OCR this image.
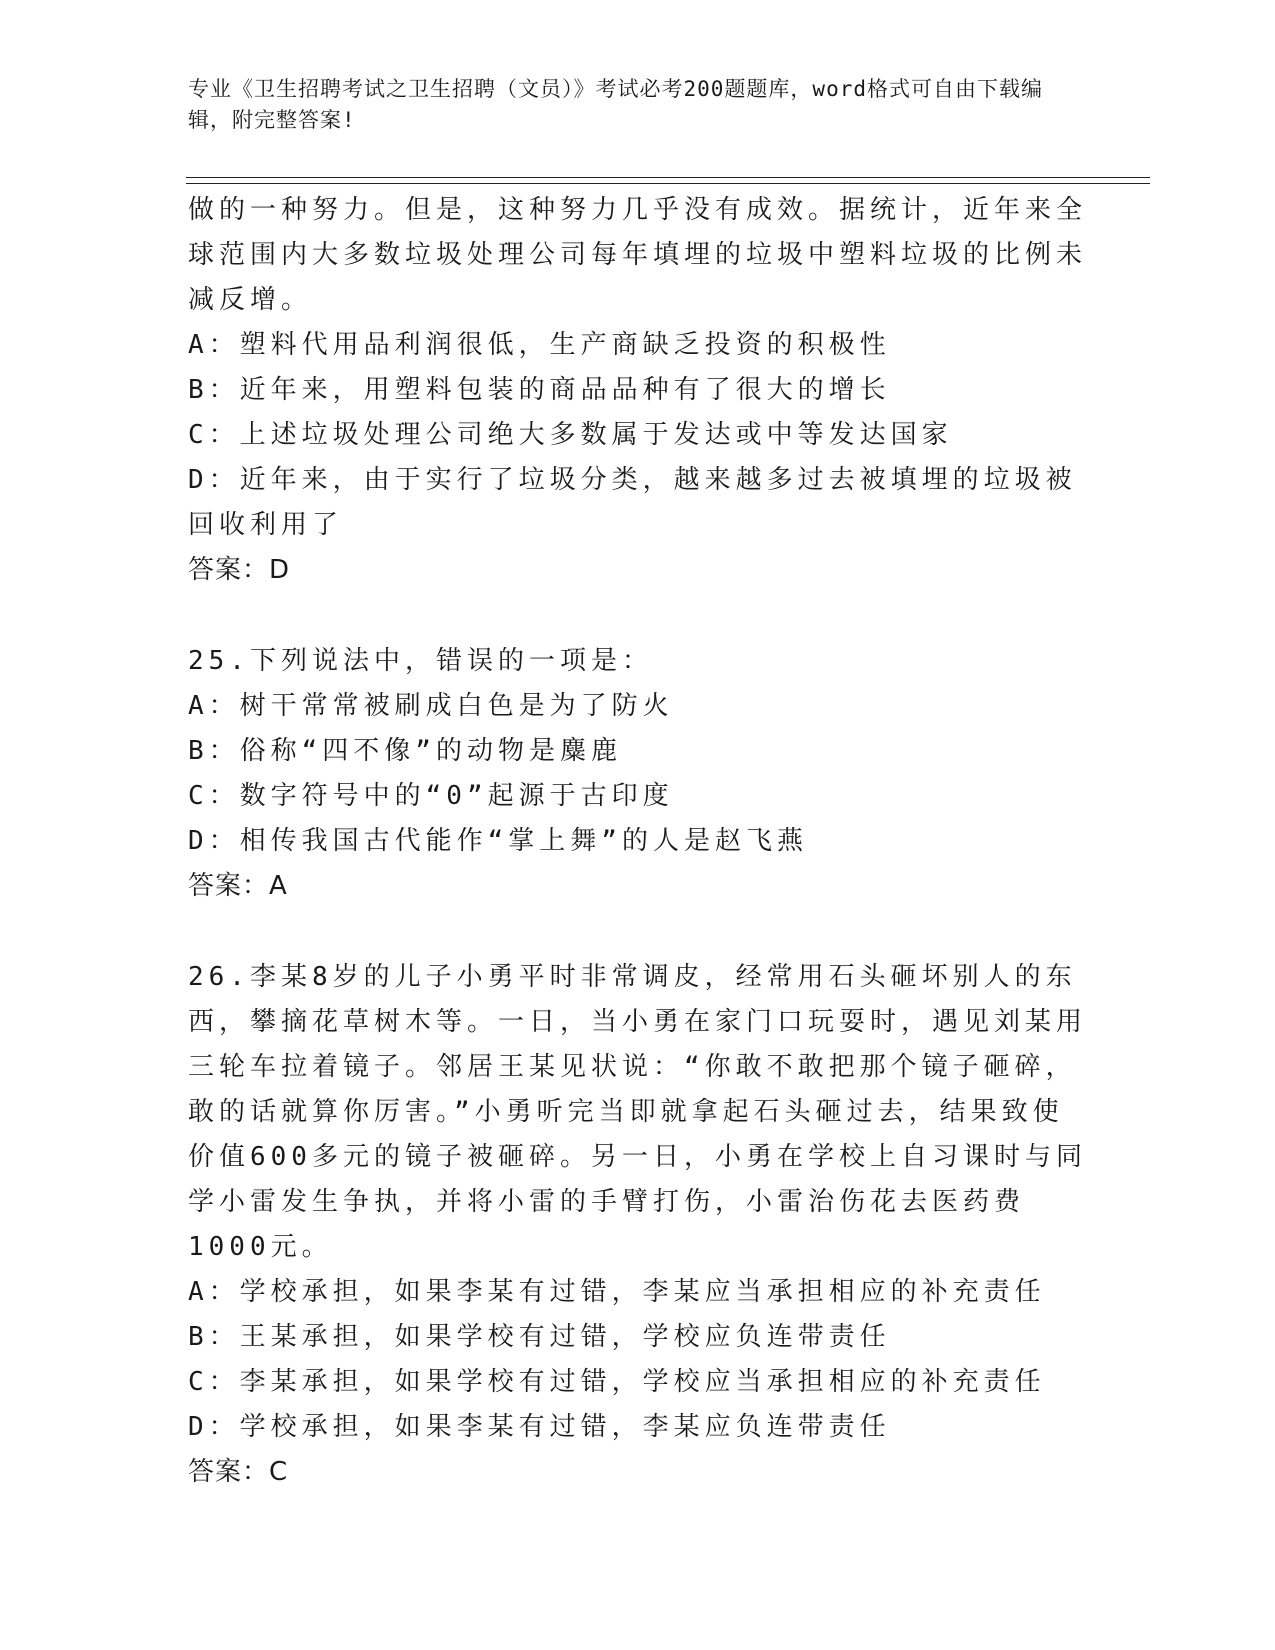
专业《卫生招聘考试之卫生招聘（文员）》考试必考200题题库，word格式可自由下载编辑，附完整答案!

做的一种努力。但是，这种努力几乎没有成效。据统计，近年来全球范围内大多数垃圾处理公司每年填埋的垃圾中塑料垃圾的比例未减反增。

A：塑料代用品利润很低，生产商缺乏投资的积极性

B：近年来，用塑料包装的商品品种有了很大的增长

C：上述垃圾处理公司绝大多数属于发达或中等发达国家

D：近年来，由于实行了垃圾分类，越来越多过去被填埋的垃圾被回收利用了

答案：D

25.下列说法中，错误的一项是：

A：树干常常被刷成白色是为了防火

B：俗称“四不像”的动物是麋鹿

C：数字符号中的“0”起源于古印度

D：相传我国古代能作“掌上舞”的人是赵飞燕

答案：A

26.李某8岁的儿子小勇平时非常调皮，经常用石头砸坏别人的东西，攀摘花草树木等。一日，当小勇在家门口玩耍时，遇见刘某用三轮车拉着镜子。邻居王某见状说：“你敢不敢把那个镜子砸碎，敢的话就算你厉害。”小勇听完当即就拿起石头砸过去，结果致使价值600多元的镜子被砸碎。另一日，小勇在学校上自习课时与同学小雷发生争执，并将小雷的手臂打伤，小雷治伤花去医药费1000元。

A：学校承担，如果李某有过错，李某应当承担相应的补充责任

B：王某承担，如果学校有过错，学校应负连带责任

C：李某承担，如果学校有过错，学校应当承担相应的补充责任

D：学校承担，如果李某有过错，李某应负连带责任

答案：C
